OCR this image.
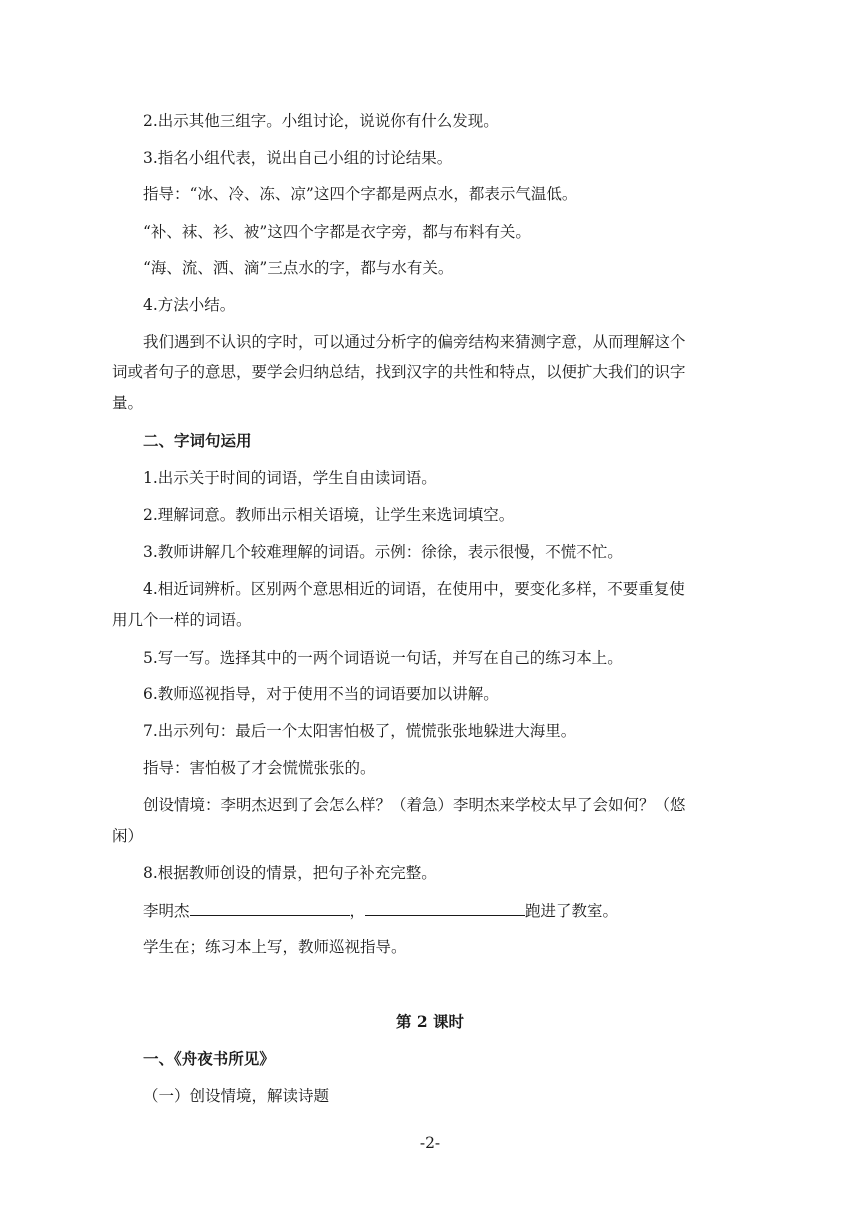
2.出示其他三组字。小组讨论，说说你有什么发现。
3.指名小组代表，说出自己小组的讨论结果。
指导：“冰、冷、冻、凉”这四个字都是两点水，都表示气温低。
“补、袜、衫、被”这四个字都是衣字旁，都与布料有关。
“海、流、洒、滴”三点水的字，都与水有关。
4.方法小结。
我们遇到不认识的字时，可以通过分析字的偏旁结构来猜测字意，从而理解这个
词或者句子的意思，要学会归纳总结，找到汉字的共性和特点，以便扩大我们的识字
量。
二、字词句运用
1.出示关于时间的词语，学生自由读词语。
2.理解词意。教师出示相关语境，让学生来选词填空。
3.教师讲解几个较难理解的词语。示例：徐徐，表示很慢，不慌不忙。
4.相近词辨析。区别两个意思相近的词语，在使用中，要变化多样，不要重复使
用几个一样的词语。
5.写一写。选择其中的一两个词语说一句话，并写在自己的练习本上。
6.教师巡视指导，对于使用不当的词语要加以讲解。
7.出示列句：最后一个太阳害怕极了，慌慌张张地躲进大海里。
指导：害怕极了才会慌慌张张的。
创设情境：李明杰迟到了会怎么样？（着急）李明杰来学校太早了会如何？（悠
闲）
8.根据教师创设的情景，把句子补充完整。
李明杰	，	跑进了教室。
学生在；练习本上写，教师巡视指导。
第 2 课时
一、《舟夜书所见》
（一）创设情境，解读诗题
-2-
